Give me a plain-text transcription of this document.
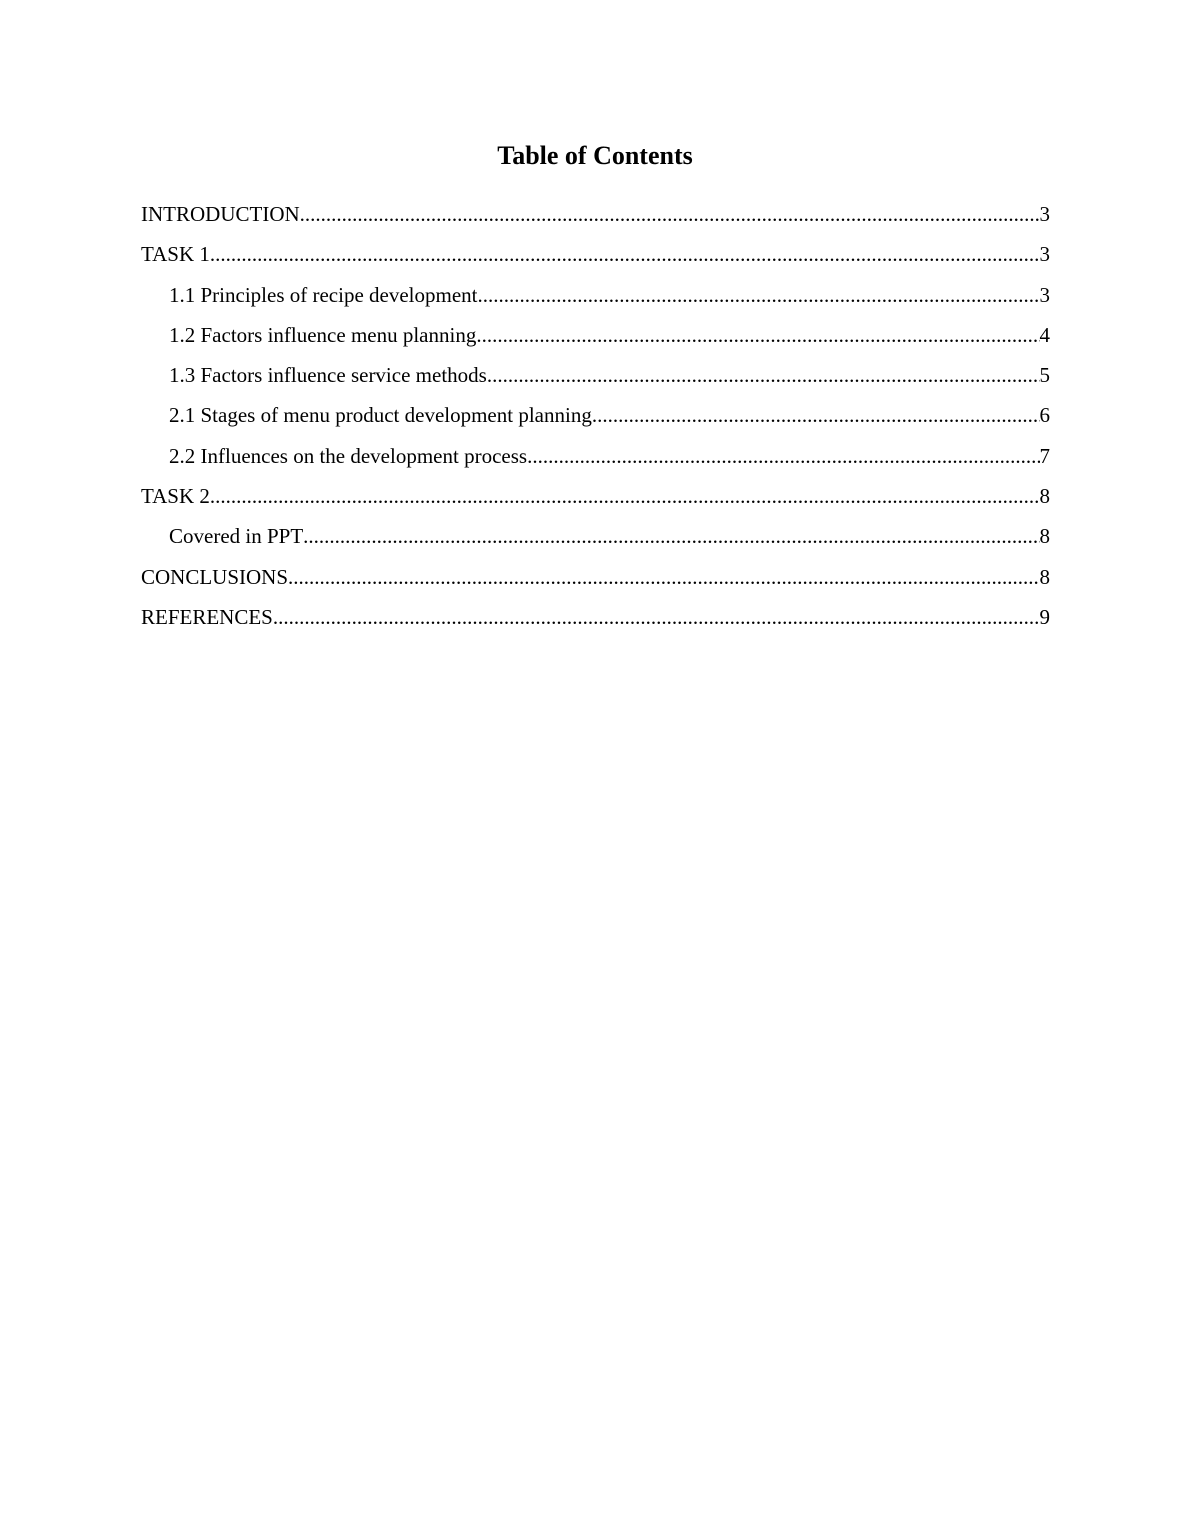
Table of Contents
INTRODUCTION .....	3
TASK 1 .....	3
1.1 Principles of recipe development .....	3
1.2 Factors influence menu planning .....	4
1.3 Factors influence service methods .....	5
2.1 Stages of menu product development planning .....	6
2.2 Influences on the development process .....	7
TASK 2 .....	8
Covered in PPT .....	8
CONCLUSIONS .....	8
REFERENCES .....	9
